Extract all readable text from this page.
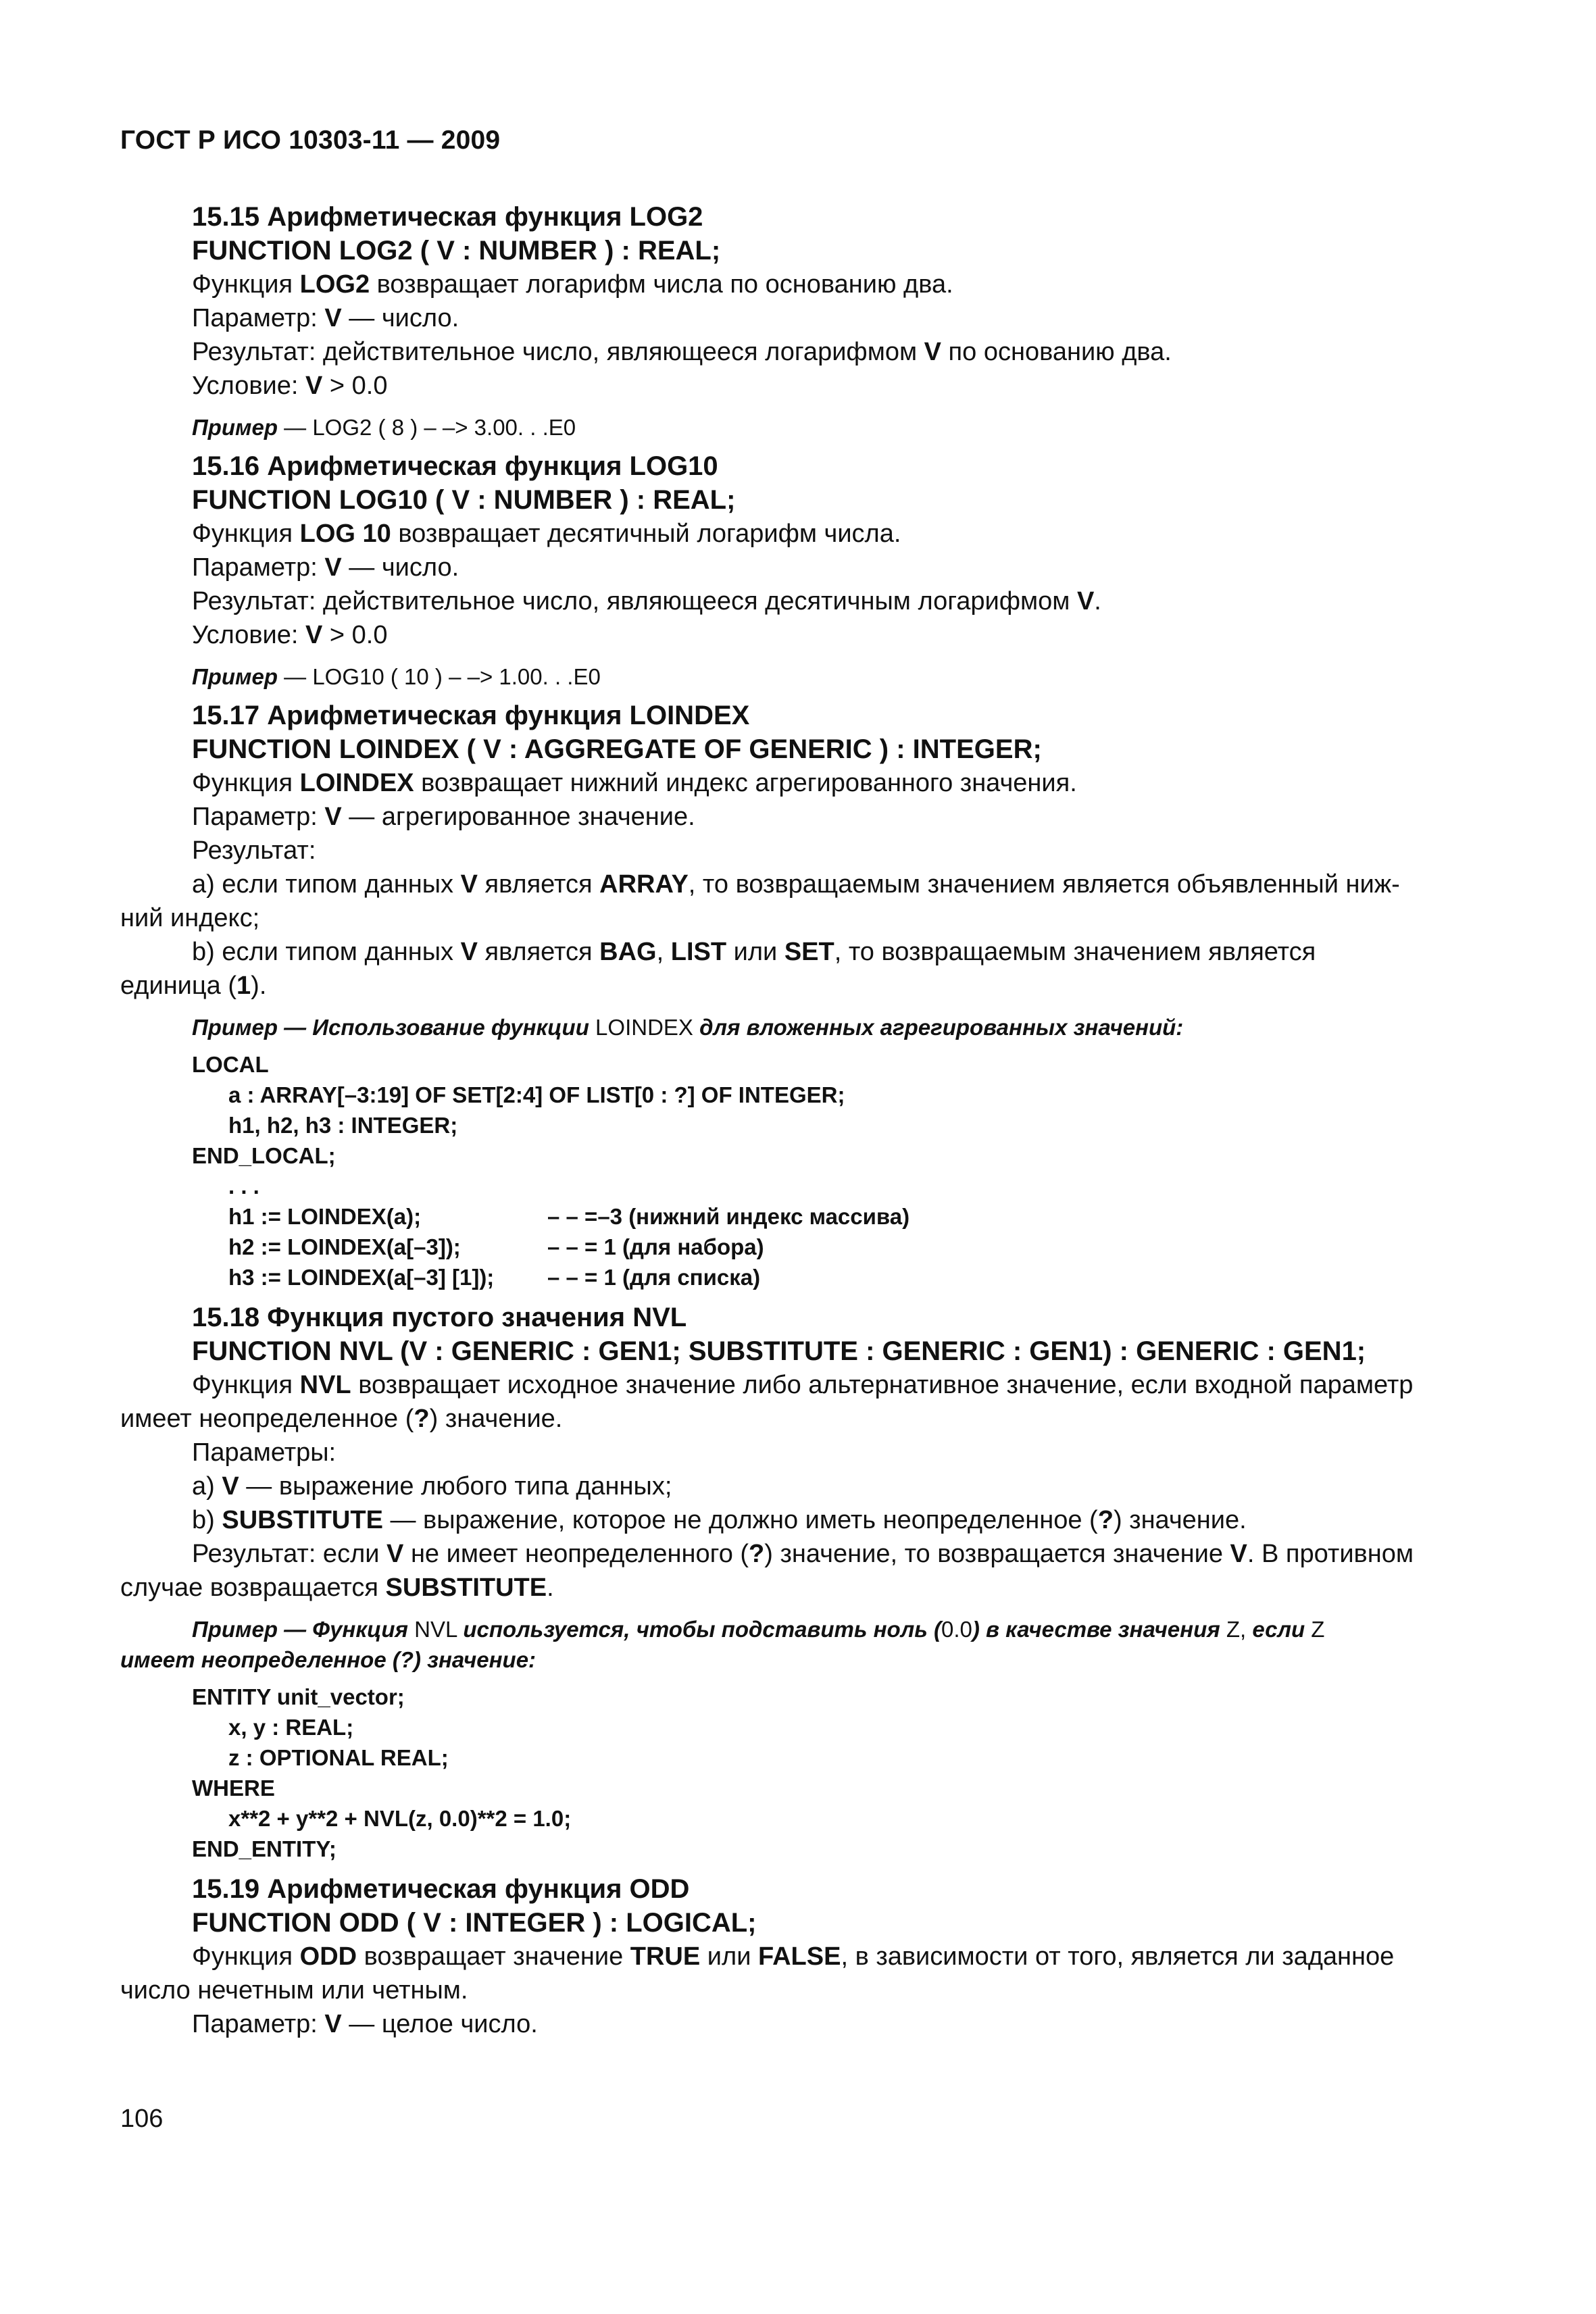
ГОСТ Р ИСО 10303-11 — 2009
15.15 Арифметическая функция LOG2
FUNCTION LOG2 ( V : NUMBER ) : REAL;
Функция LOG2 возвращает логарифм числа по основанию два.
Параметр: V — число.
Результат: действительное число, являющееся логарифмом V по основанию два.
Условие: V > 0.0
Пример — LOG2 ( 8 ) – –> 3.00. . .E0
15.16 Арифметическая функция LOG10
FUNCTION LOG10 ( V : NUMBER ) : REAL;
Функция LOG 10 возвращает десятичный логарифм числа.
Параметр: V — число.
Результат: действительное число, являющееся десятичным логарифмом V.
Условие: V > 0.0
Пример — LOG10 ( 10 ) – –> 1.00. . .E0
15.17 Арифметическая функция LOINDEX
FUNCTION LOINDEX ( V : AGGREGATE OF GENERIC ) : INTEGER;
Функция LOINDEX возвращает нижний индекс агрегированного значения.
Параметр: V — агрегированное значение.
Результат:
a) если типом данных V является ARRAY, то возвращаемым значением является объявленный ниж-
ний индекс;
b) если типом данных V является BAG, LIST или SET, то возвращаемым значением является
единица (1).
Пример — Использование функции LOINDEX для вложенных агрегированных значений:
LOCAL
a : ARRAY[–3:19] OF SET[2:4] OF LIST[0 : ?] OF INTEGER;
h1, h2, h3 : INTEGER;
END_LOCAL;
. . .
h1 := LOINDEX(a);	– – =–3 (нижний индекс массива)
h2 := LOINDEX(a[–3]);	– – = 1 (для набора)
h3 := LOINDEX(a[–3] [1]);	– – = 1 (для списка)
15.18 Функция пустого значения NVL
FUNCTION NVL (V : GENERIC : GEN1; SUBSTITUTE : GENERIC : GEN1) : GENERIC : GEN1;
Функция NVL возвращает исходное значение либо альтернативное значение, если входной параметр
имеет неопределенное (?) значение.
Параметры:
a) V — выражение любого типа данных;
b) SUBSTITUTE — выражение, которое не должно иметь неопределенное (?) значение.
Результат: если V не имеет неопределенного (?) значение, то возвращается значение V. В противном
случае возвращается SUBSTITUTE.
Пример — Функция NVL используется, чтобы подставить ноль (0.0) в качестве значения Z, если Z
имеет неопределенное (?) значение:
ENTITY unit_vector;
x, y : REAL;
z : OPTIONAL REAL;
WHERE
x**2 + y**2 + NVL(z, 0.0)**2 = 1.0;
END_ENTITY;
15.19 Арифметическая функция ODD
FUNCTION ODD ( V : INTEGER ) : LOGICAL;
Функция ODD возвращает значение TRUE или FALSE, в зависимости от того, является ли заданное
число нечетным или четным.
Параметр: V — целое число.
106
